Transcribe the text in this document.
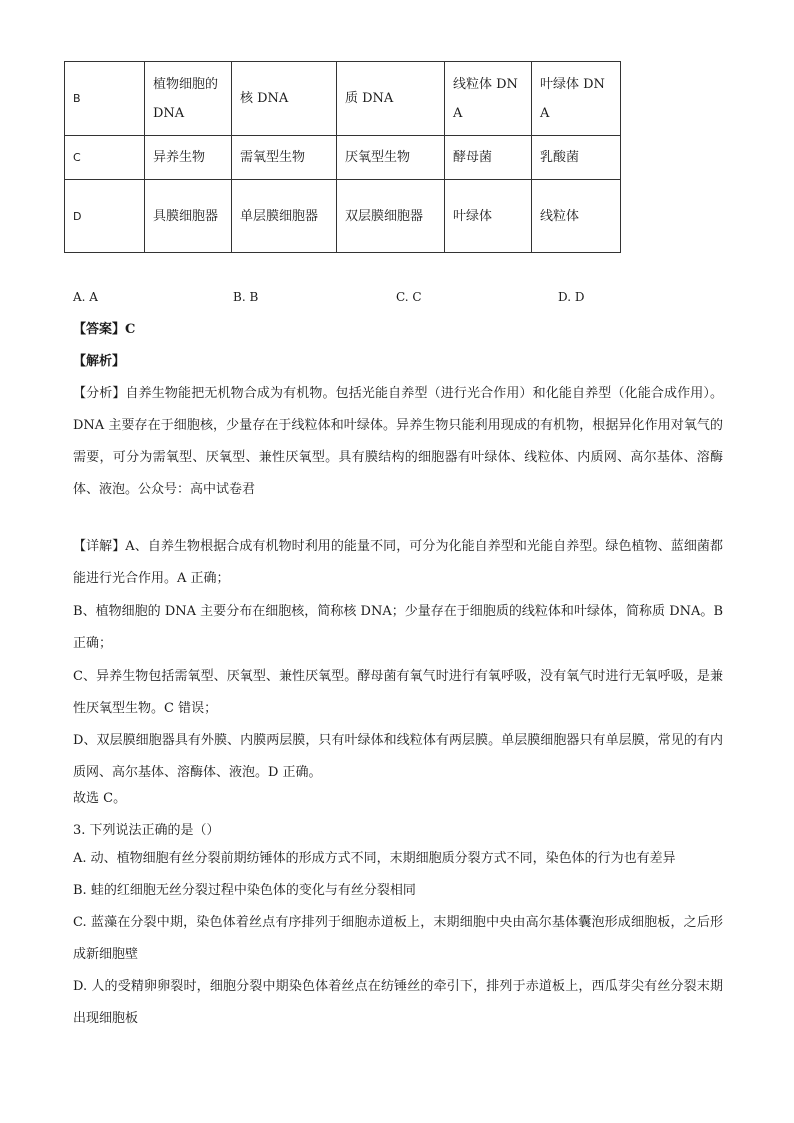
B	植物细胞的DNA	核 DNA	质 DNA	线粒体 DNA	叶绿体 DNA
C	异养生物	需氧型生物	厌氧型生物	酵母菌	乳酸菌
D	具膜细胞器	单层膜细胞器	双层膜细胞器	叶绿体	线粒体
A. A	B. B	C. C	D. D
【答案】C
【解析】
【分析】自养生物能把无机物合成为有机物。包括光能自养型（进行光合作用）和化能自养型（化能合成作用）。DNA 主要存在于细胞核，少量存在于线粒体和叶绿体。异养生物只能利用现成的有机物，根据异化作用对氧气的需要，可分为需氧型、厌氧型、兼性厌氧型。具有膜结构的细胞器有叶绿体、线粒体、内质网、高尔基体、溶酶体、液泡。公众号：高中试卷君
【详解】A、自养生物根据合成有机物时利用的能量不同，可分为化能自养型和光能自养型。绿色植物、蓝细菌都能进行光合作用。A 正确；
B、植物细胞的 DNA 主要分布在细胞核，简称核 DNA；少量存在于细胞质的线粒体和叶绿体，简称质 DNA。B 正确；
C、异养生物包括需氧型、厌氧型、兼性厌氧型。酵母菌有氧气时进行有氧呼吸，没有氧气时进行无氧呼吸，是兼性厌氧型生物。C 错误；
D、双层膜细胞器具有外膜、内膜两层膜，只有叶绿体和线粒体有两层膜。单层膜细胞器只有单层膜，常见的有内质网、高尔基体、溶酶体、液泡。D 正确。
故选 C。
3. 下列说法正确的是（）
A. 动、植物细胞有丝分裂前期纺锤体的形成方式不同，末期细胞质分裂方式不同，染色体的行为也有差异
B. 蛙的红细胞无丝分裂过程中染色体的变化与有丝分裂相同
C. 蓝藻在分裂中期，染色体着丝点有序排列于细胞赤道板上，末期细胞中央由高尔基体囊泡形成细胞板，之后形成新细胞壁
D. 人的受精卵卵裂时，细胞分裂中期染色体着丝点在纺锤丝的牵引下，排列于赤道板上，西瓜芽尖有丝分裂末期出现细胞板
